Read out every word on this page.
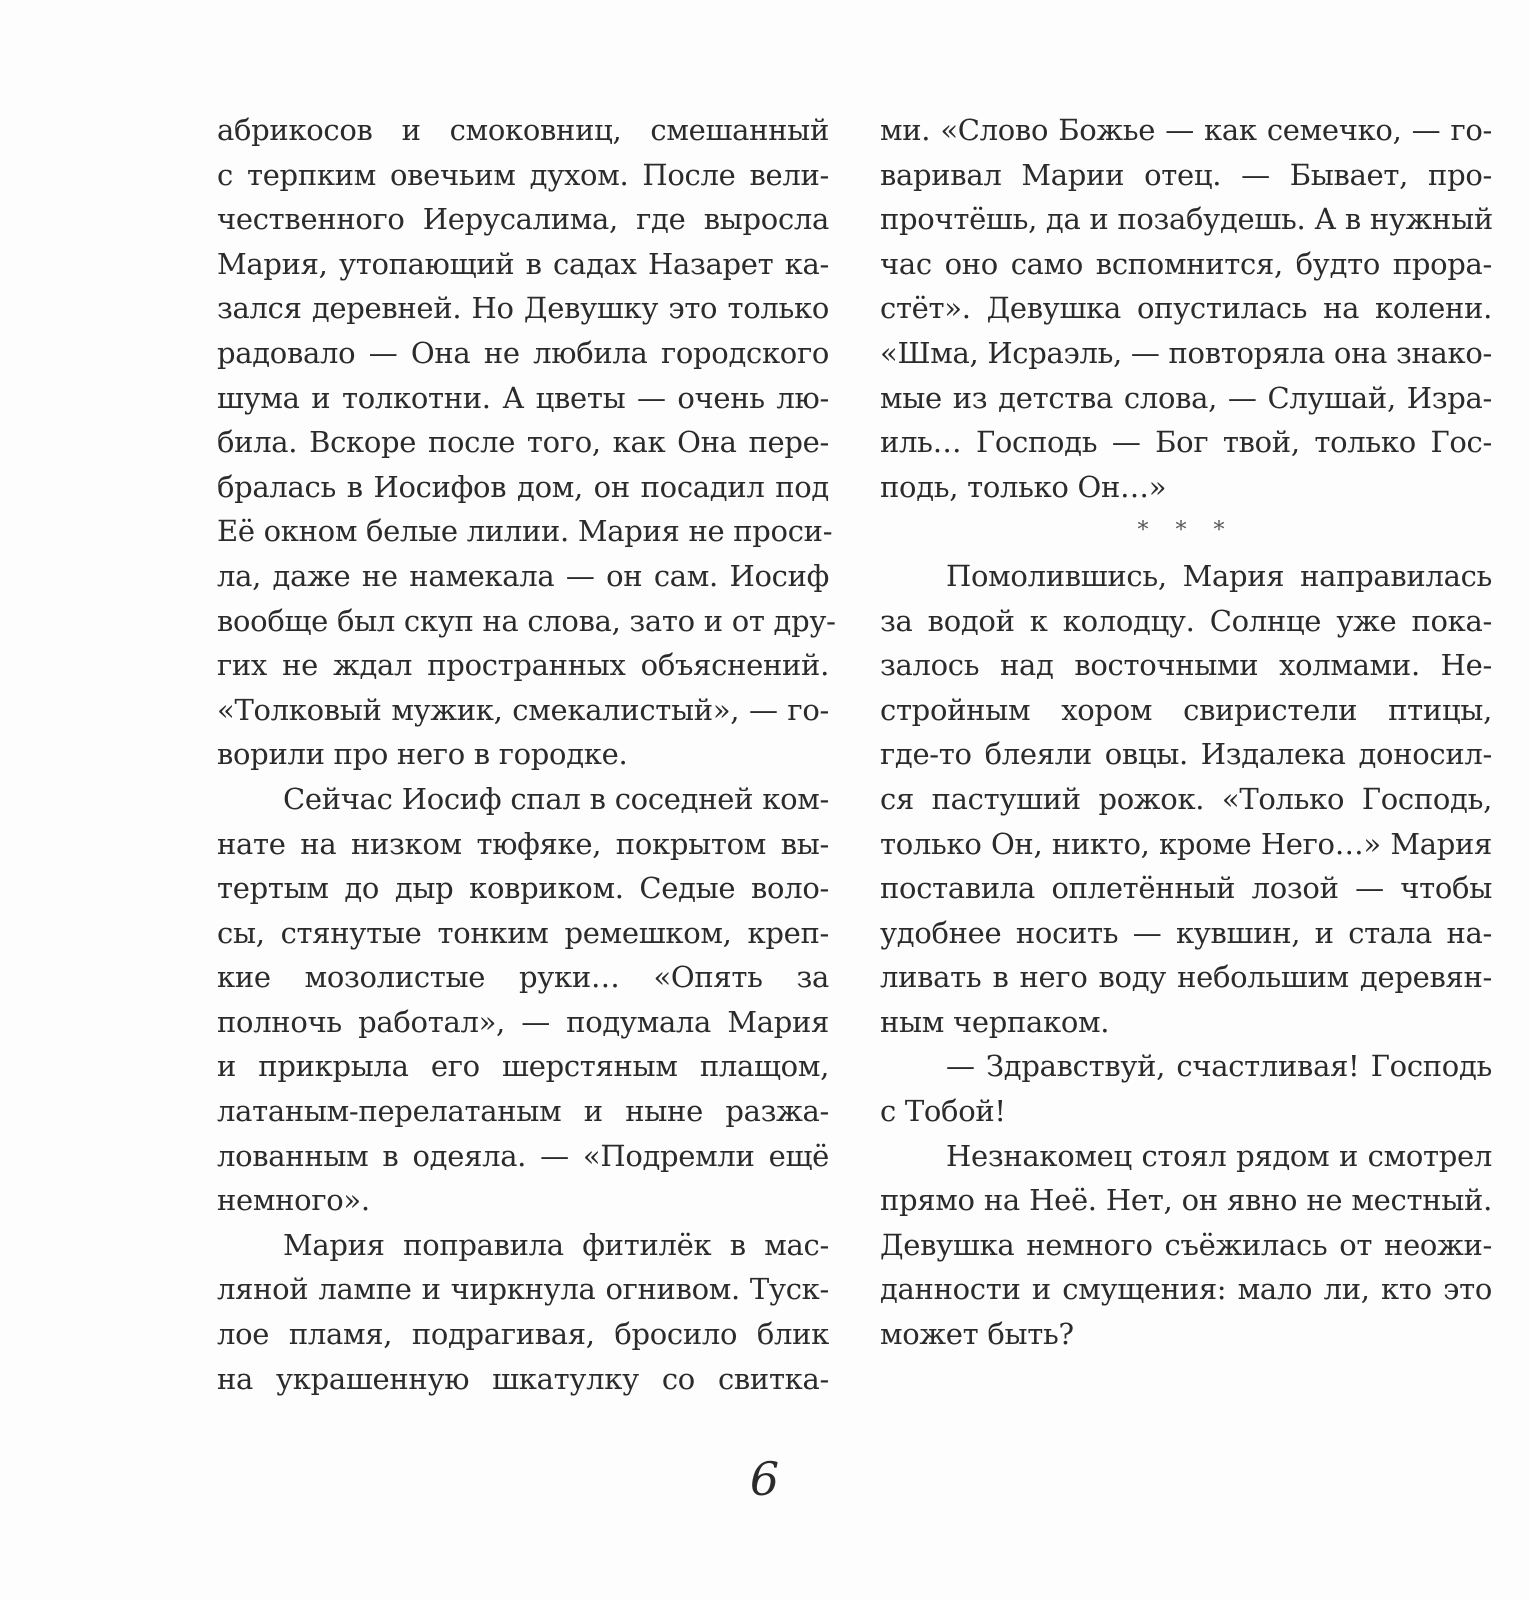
абрикосов и смоковниц, смешанный
с терпким овечьим духом. После вели-
чественного Иерусалима, где выросла
Мария, утопающий в садах Назарет ка-
зался деревней. Но Девушку это только
радовало — Она не любила городского
шума и толкотни. А цветы — очень лю-
била. Вскоре после того, как Она пере-
бралась в Иосифов дом, он посадил под
Её окном белые лилии. Мария не проси-
ла, даже не намекала — он сам. Иосиф
вообще был скуп на слова, зато и от дру-
гих не ждал пространных объяснений.
«Толковый мужик, смекалистый», — го-
ворили про него в городке.
Сейчас Иосиф спал в соседней ком-
нате на низком тюфяке, покрытом вы-
тертым до дыр ковриком. Седые воло-
сы, стянутые тонким ремешком, креп-
кие мозолистые руки… «Опять за
полночь работал», — подумала Мария
и прикрыла его шерстяным плащом,
латаным-перелатаным и ныне разжа-
лованным в одеяла. — «Подремли ещё
немного».
Мария поправила фитилёк в мас-
ляной лампе и чиркнула огнивом. Туск-
лое пламя, подрагивая, бросило блик
на украшенную шкатулку со свитка-
ми. «Слово Божье — как семечко, — го-
варивал Марии отец. — Бывает, про-
прочтёшь, да и позабудешь. А в нужный
час оно само вспомнится, будто прора-
стёт». Девушка опустилась на колени.
«Шма, Исраэль, — повторяла она знако-
мые из детства слова, — Слушай, Изра-
иль… Господь — Бог твой, только Гос-
подь, только Он…»
* * *
Помолившись, Мария направилась
за водой к колодцу. Солнце уже пока-
залось над восточными холмами. Не-
стройным хором свиристели птицы,
где-то блеяли овцы. Издалека доносил-
ся пастуший рожок. «Только Господь,
только Он, никто, кроме Него…» Мария
поставила оплетённый лозой — чтобы
удобнее носить — кувшин, и стала на-
ливать в него воду небольшим деревян-
ным черпаком.
— Здравствуй, счастливая! Господь
с Тобой!
Незнакомец стоял рядом и смотрел
прямо на Неё. Нет, он явно не местный.
Девушка немного съёжилась от неожи-
данности и смущения: мало ли, кто это
может быть?
6
